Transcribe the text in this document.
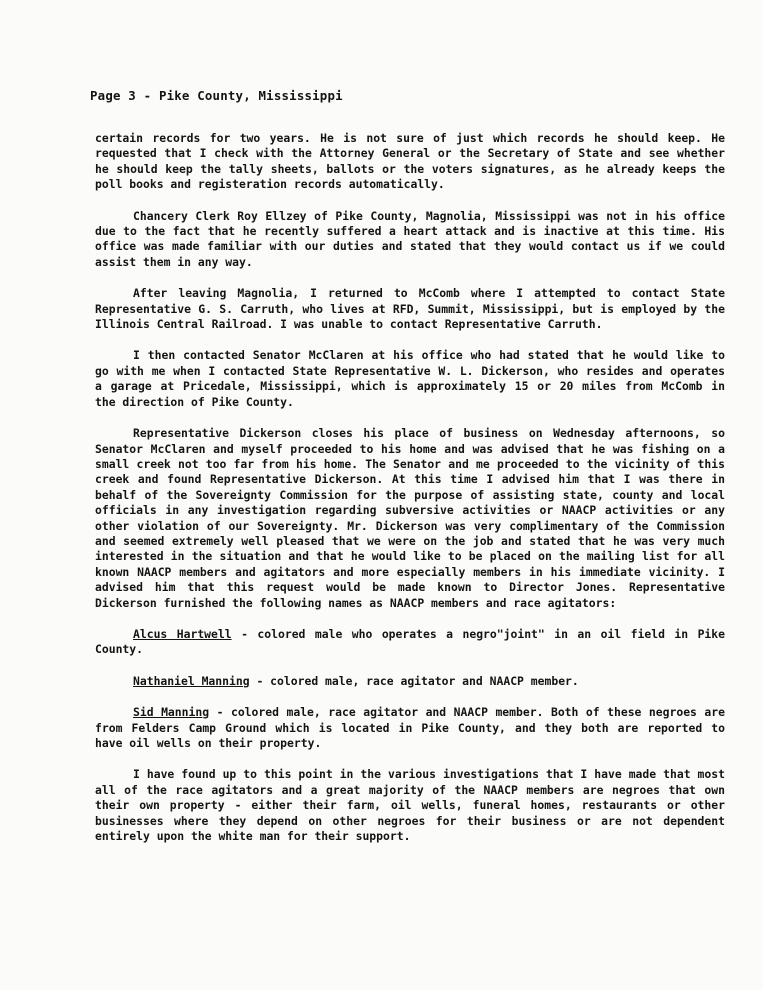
Page 3 - Pike County, Mississippi

certain records for two years. He is not sure of just which records he should keep. He requested that I check with the Attorney General or the Secretary of State and see whether he should keep the tally sheets, ballots or the voters signatures, as he already keeps the poll books and registeration records automatically.

Chancery Clerk Roy Ellzey of Pike County, Magnolia, Mississippi was not in his office due to the fact that he recently suffered a heart attack and is inactive at this time. His office was made familiar with our duties and stated that they would contact us if we could assist them in any way.

After leaving Magnolia, I returned to McComb where I attempted to contact State Representative G. S. Carruth, who lives at RFD, Summit, Mississippi, but is employed by the Illinois Central Railroad. I was unable to contact Representative Carruth.

I then contacted Senator McClaren at his office who had stated that he would like to go with me when I contacted State Representative W. L. Dickerson, who resides and operates a garage at Pricedale, Mississippi, which is approximately 15 or 20 miles from McComb in the direction of Pike County.

Representative Dickerson closes his place of business on Wednesday afternoons, so Senator McClaren and myself proceeded to his home and was advised that he was fishing on a small creek not too far from his home. The Senator and me proceeded to the vicinity of this creek and found Representative Dickerson. At this time I advised him that I was there in behalf of the Sovereignty Commission for the purpose of assisting state, county and local officials in any investigation regarding subversive activities or NAACP activities or any other violation of our Sovereignty. Mr. Dickerson was very complimentary of the Commission and seemed extremely well pleased that we were on the job and stated that he was very much interested in the situation and that he would like to be placed on the mailing list for all known NAACP members and agitators and more especially members in his immediate vicinity. I advised him that this request would be made known to Director Jones. Representative Dickerson furnished the following names as NAACP members and race agitators:

Alcus Hartwell - colored male who operates a negro"joint" in an oil field in Pike County.

Nathaniel Manning - colored male, race agitator and NAACP member.

Sid Manning - colored male, race agitator and NAACP member. Both of these negroes are from Felders Camp Ground which is located in Pike County, and they both are reported to have oil wells on their property.

I have found up to this point in the various investigations that I have made that most all of the race agitators and a great majority of the NAACP members are negroes that own their own property - either their farm, oil wells, funeral homes, restaurants or other businesses where they depend on other negroes for their business or are not dependent entirely upon the white man for their support.
